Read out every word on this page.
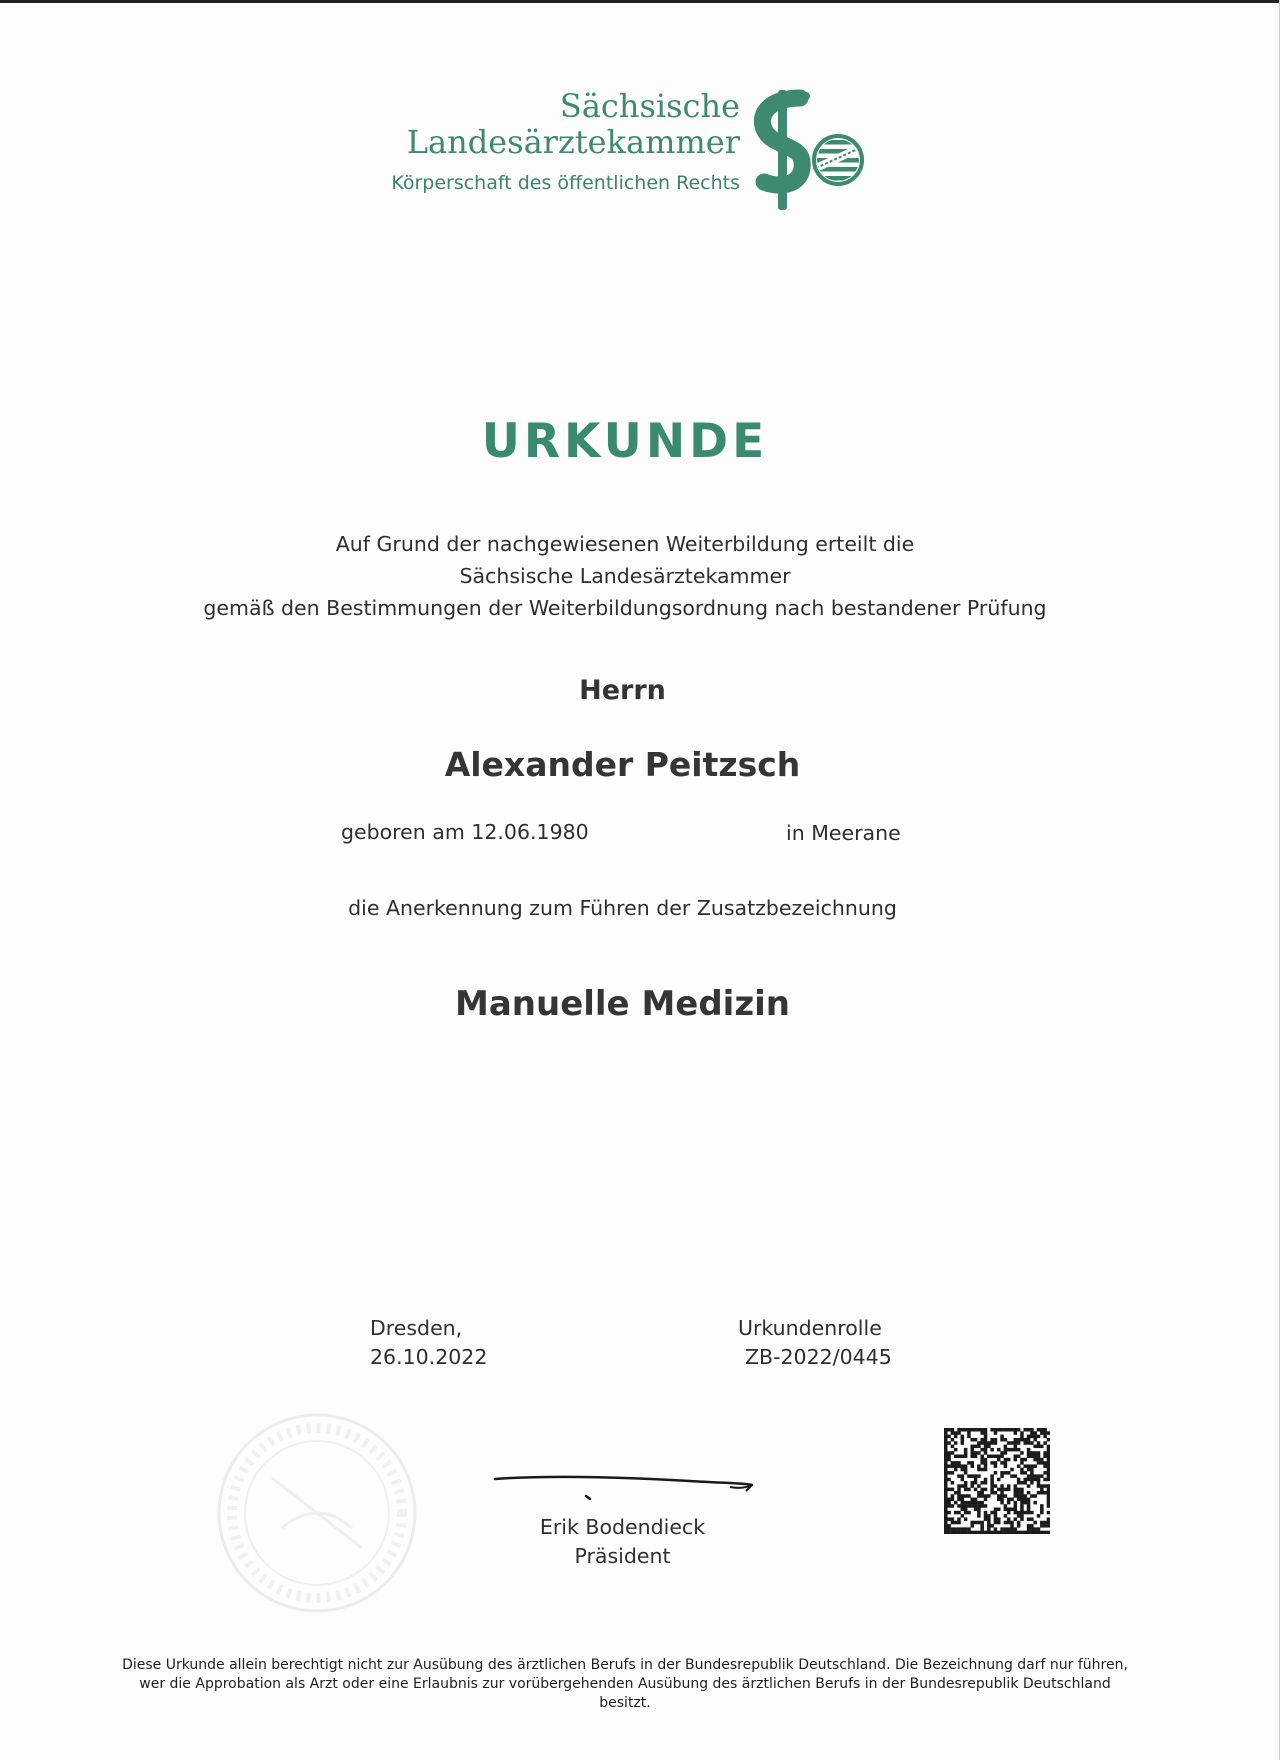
Sächsische
Landesärztekammer
Körperschaft des öffentlichen Rechts
URKUNDE
Auf Grund der nachgewiesenen Weiterbildung erteilt die
Sächsische Landesärztekammer
gemäß den Bestimmungen der Weiterbildungsordnung nach bestandener Prüfung
Herrn
Alexander Peitzsch
geboren am 12.06.1980	in Meerane
die Anerkennung zum Führen der Zusatzbezeichnung
Manuelle Medizin
Dresden,
26.10.2022
Urkundenrolle
ZB-2022/0445
Erik Bodendieck
Präsident
Diese Urkunde allein berechtigt nicht zur Ausübung des ärztlichen Berufs in der Bundesrepublik Deutschland. Die Bezeichnung darf nur führen,
wer die Approbation als Arzt oder eine Erlaubnis zur vorübergehenden Ausübung des ärztlichen Berufs in der Bundesrepublik Deutschland besitzt.
